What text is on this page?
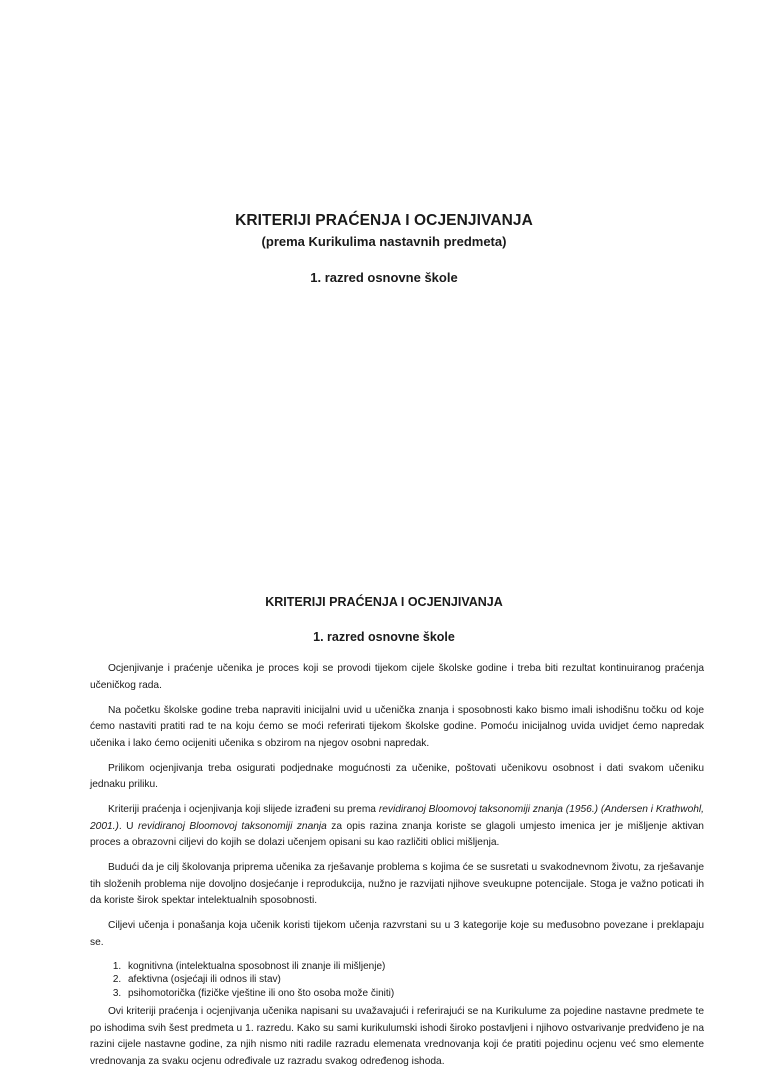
KRITERIJI PRAĆENJA I OCJENJIVANJA
(prema Kurikulima nastavnih predmeta)
1. razred osnovne škole
KRITERIJI PRAĆENJA I OCJENJIVANJA
1. razred osnovne škole

Ocjenjivanje i praćenje učenika je proces koji se provodi tijekom cijele školske godine i treba biti rezultat kontinuiranog praćenja učeničkog rada.

Na početku školske godine treba napraviti inicijalni uvid u učenička znanja i sposobnosti kako bismo imali ishodišnu točku od koje ćemo nastaviti pratiti rad te na koju ćemo se moći referirati tijekom školske godine. Pomoću inicijalnog uvida uvidjet ćemo napredak učenika i lako ćemo ocijeniti učenika s obzirom na njegov osobni napredak.

Prilikom ocjenjivanja treba osigurati podjednake mogućnosti za učenike, poštovati učenikovu osobnost i dati svakom učeniku jednaku priliku.

Kriteriji praćenja i ocjenjivanja koji slijede izrađeni su prema revidiranoj Bloomovoj taksonomiji znanja (1956.) (Andersen i Krathwohl, 2001.). U revidiranoj Bloomovoj taksonomiji znanja za opis razina znanja koriste se glagoli umjesto imenica jer je mišljenje aktivan proces a obrazovni ciljevi do kojih se dolazi učenjem opisani su kao različiti oblici mišljenja.

Budući da je cilj školovanja pripremа učenika za rješavanje problema s kojima će se susretati u svakodnevnom životu, za rješavanje tih složenih problema nije dovoljno dosjećanje i reprodukcija, nužno je razvijati njihove sveukupne potencijale. Stoga je važno poticati ih da koriste širok spektar intelektualnih sposobnosti.

Ciljevi učenja i ponašanja koja učenik koristi tijekom učenja razvrstani su u 3 kategorije koje su međusobno povezane i preklapaju se.

1. kognitivna (intelektualna sposobnost ili znanje ili mišljenje)
2. afektivna (osjećaji ili odnos ili stav)
3. psihomotorička (fizičke vještine ili ono što osoba može činiti)

Ovi kriteriji praćenja i ocjenjivanja učenika napisani su uvažavajući i referirajući se na Kurikulume za pojedine nastavne predmete te po ishodima svih šest predmeta u 1. razredu. Kako su sami kurikulumski ishodi široko postavljeni i njihovo ostvarivanje predviđeno je na razini cijele nastavne godine, za njih nismo niti radile razradu elemenata vrednovanja koji će pratiti pojedinu ocjenu već smo elemente vrednovanja za svaku ocjenu određivale uz razradu svakog određenog ishoda.
